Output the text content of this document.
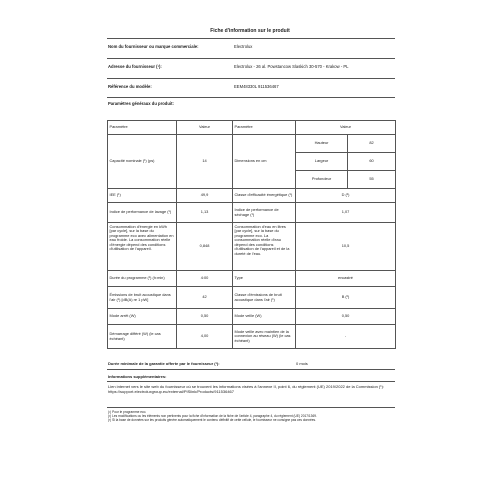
Fiche d'information sur le produit
Nom du fournisseur ou marque commerciale:	Electrolux
Adresse du fournisseur (¹):	Electrolux - 26 al. Powstancow Slaskich 30-570 - Krakow - PL
Référence du modèle:	EEM48330L 911536467
Paramètres généraux du produit:
Paramètre	Valeur	Paramètre	Valeur	
Capacité nominale (¹) (ps)	14	Dimensions en cm	Hauteur	82
			Largeur	60
			Profondeur	55
IEE (¹)	49,9	Classe d'efficacité énergétique (¹)	D (²)	
Indice de performance de lavage (¹)	1,13	Indice de performance de séchage (¹)	1,07	
Consommation d'énergie en kWh [par cycle], sur la base du programme eco avec alimentation en eau froide. La consommation réelle d'énergie dépend des conditions d'utilisation de l'appareil.	0,848	Consommation d'eau en litres [par cycle], sur la base du programme eco. La consommation réelle d'eau dépend des conditions d'utilisation de l'appareil et de la dureté de l'eau.	10,5	
Durée du programme (¹) (h:min)	4:00	Type	encastré	
Émissions de bruit acoustique dans l'air (¹) [dB(A) re 1 pW]	42	Classe d'émissions de bruit acoustique dans l'air (¹)	B (²)	
Mode arrêt (W)	0,50	Mode veille (W)	0,50	
Démarrage différé (W) (le cas échéant)	4,00	Mode veille avec maintien de la connexion au réseau (W) (le cas échéant)	-	
Durée minimale de la garantie offerte par le fournisseur (¹):	0 mois
Informations supplémentaires:
Lien internet vers le site web du fournisseur où se trouvent les informations visées à l'annexe II, point 6, du règlement (UE) 2019/2022 de la Commission (¹): https://support.electroluxgroup.eu/external/PISlink/Products/911536467
(¹) Pour le programme eco.
(²) Les modifications ou les éléments non pertinents pour la fiche d'information de la fiche de l'article 4, paragraphe 4, du règlement (UE) 2017/1369.
(³) Si la base de données sur les produits génère automatiquement le contenu définitif de cette cellule, le fournisseur ne consigne pas ces données.
